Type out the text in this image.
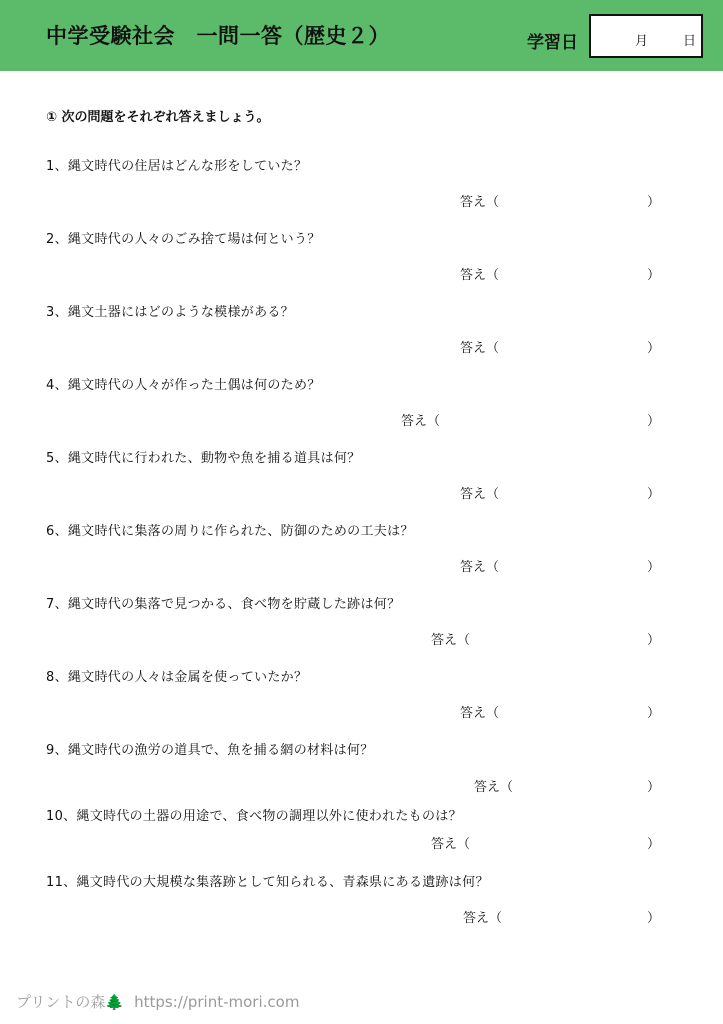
中学受験社会　一問一答（歴史２）	学習日	月	日
① 次の問題をそれぞれ答えましょう。
1、縄文時代の住居はどんな形をしていた？
答え（	）
2、縄文時代の人々のごみ捨て場は何という？
答え（	）
3、縄文土器にはどのような模様がある？
答え（	）
4、縄文時代の人々が作った土偶は何のため？
答え（	）
5、縄文時代に行われた、動物や魚を捕る道具は何？
答え（	）
6、縄文時代に集落の周りに作られた、防御のための工夫は？
答え（	）
7、縄文時代の集落で見つかる、食べ物を貯蔵した跡は何？
答え（	）
8、縄文時代の人々は金属を使っていたか？
答え（	）
9、縄文時代の漁労の道具で、魚を捕る網の材料は何？
答え（	）
10、縄文時代の土器の用途で、食べ物の調理以外に使われたものは？
答え（	）
11、縄文時代の大規模な集落跡として知られる、青森県にある遺跡は何？
答え（	）
プリントの森🌲 https://print-mori.com
